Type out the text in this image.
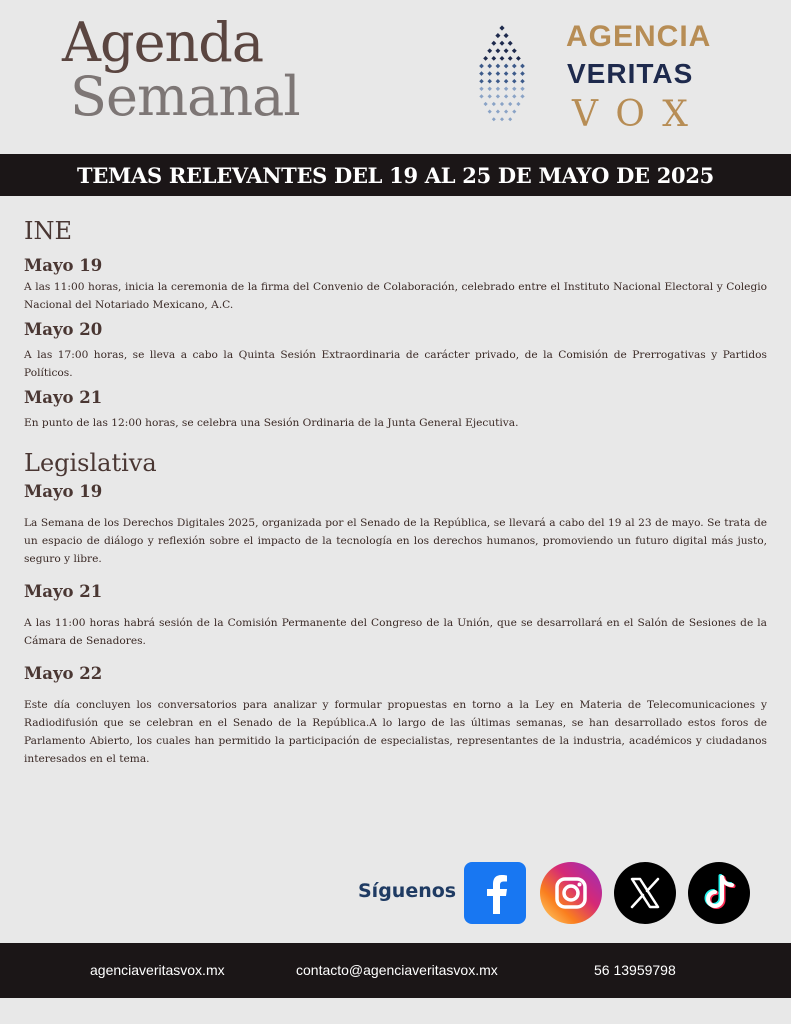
Agenda
Semanal
AGENCIA
VERITAS
VOX
TEMAS RELEVANTES DEL 19 AL 25 DE MAYO DE 2025
INE
Mayo 19

A las 11:00 horas, inicia la ceremonia de la firma del Convenio de Colaboración, celebrado entre el Instituto Nacional Electoral y Colegio Nacional del Notariado Mexicano, A.C.

Mayo 20

A las 17:00 horas, se lleva a cabo la Quinta Sesión Extraordinaria de carácter privado, de la Comisión de Prerrogativas y Partidos Políticos.

Mayo 21

En punto de las 12:00 horas, se celebra una Sesión Ordinaria de la Junta General Ejecutiva.

Legislativa
Mayo 19

La Semana de los Derechos Digitales 2025, organizada por el Senado de la República, se llevará a cabo del 19 al 23 de mayo. Se trata de un espacio de diálogo y reflexión sobre el impacto de la tecnología en los derechos humanos, promoviendo un futuro digital más justo, seguro y libre.

Mayo 21

A las 11:00 horas habrá sesión de la Comisión Permanente del Congreso de la Unión, que se desarrollará en el Salón de Sesiones de la Cámara de Senadores.

Mayo 22

Este día concluyen los conversatorios para analizar y formular propuestas en torno a la Ley en Materia de Telecomunicaciones y Radiodifusión que se celebran en el Senado de la República.A lo largo de las últimas semanas, se han desarrollado estos foros de Parlamento Abierto, los cuales han permitido la participación de especialistas, representantes de la industria, académicos y ciudadanos interesados en el tema.

Síguenos
agenciaveritasvox.mx	contacto@agenciaveritasvox.mx	56 13959798
